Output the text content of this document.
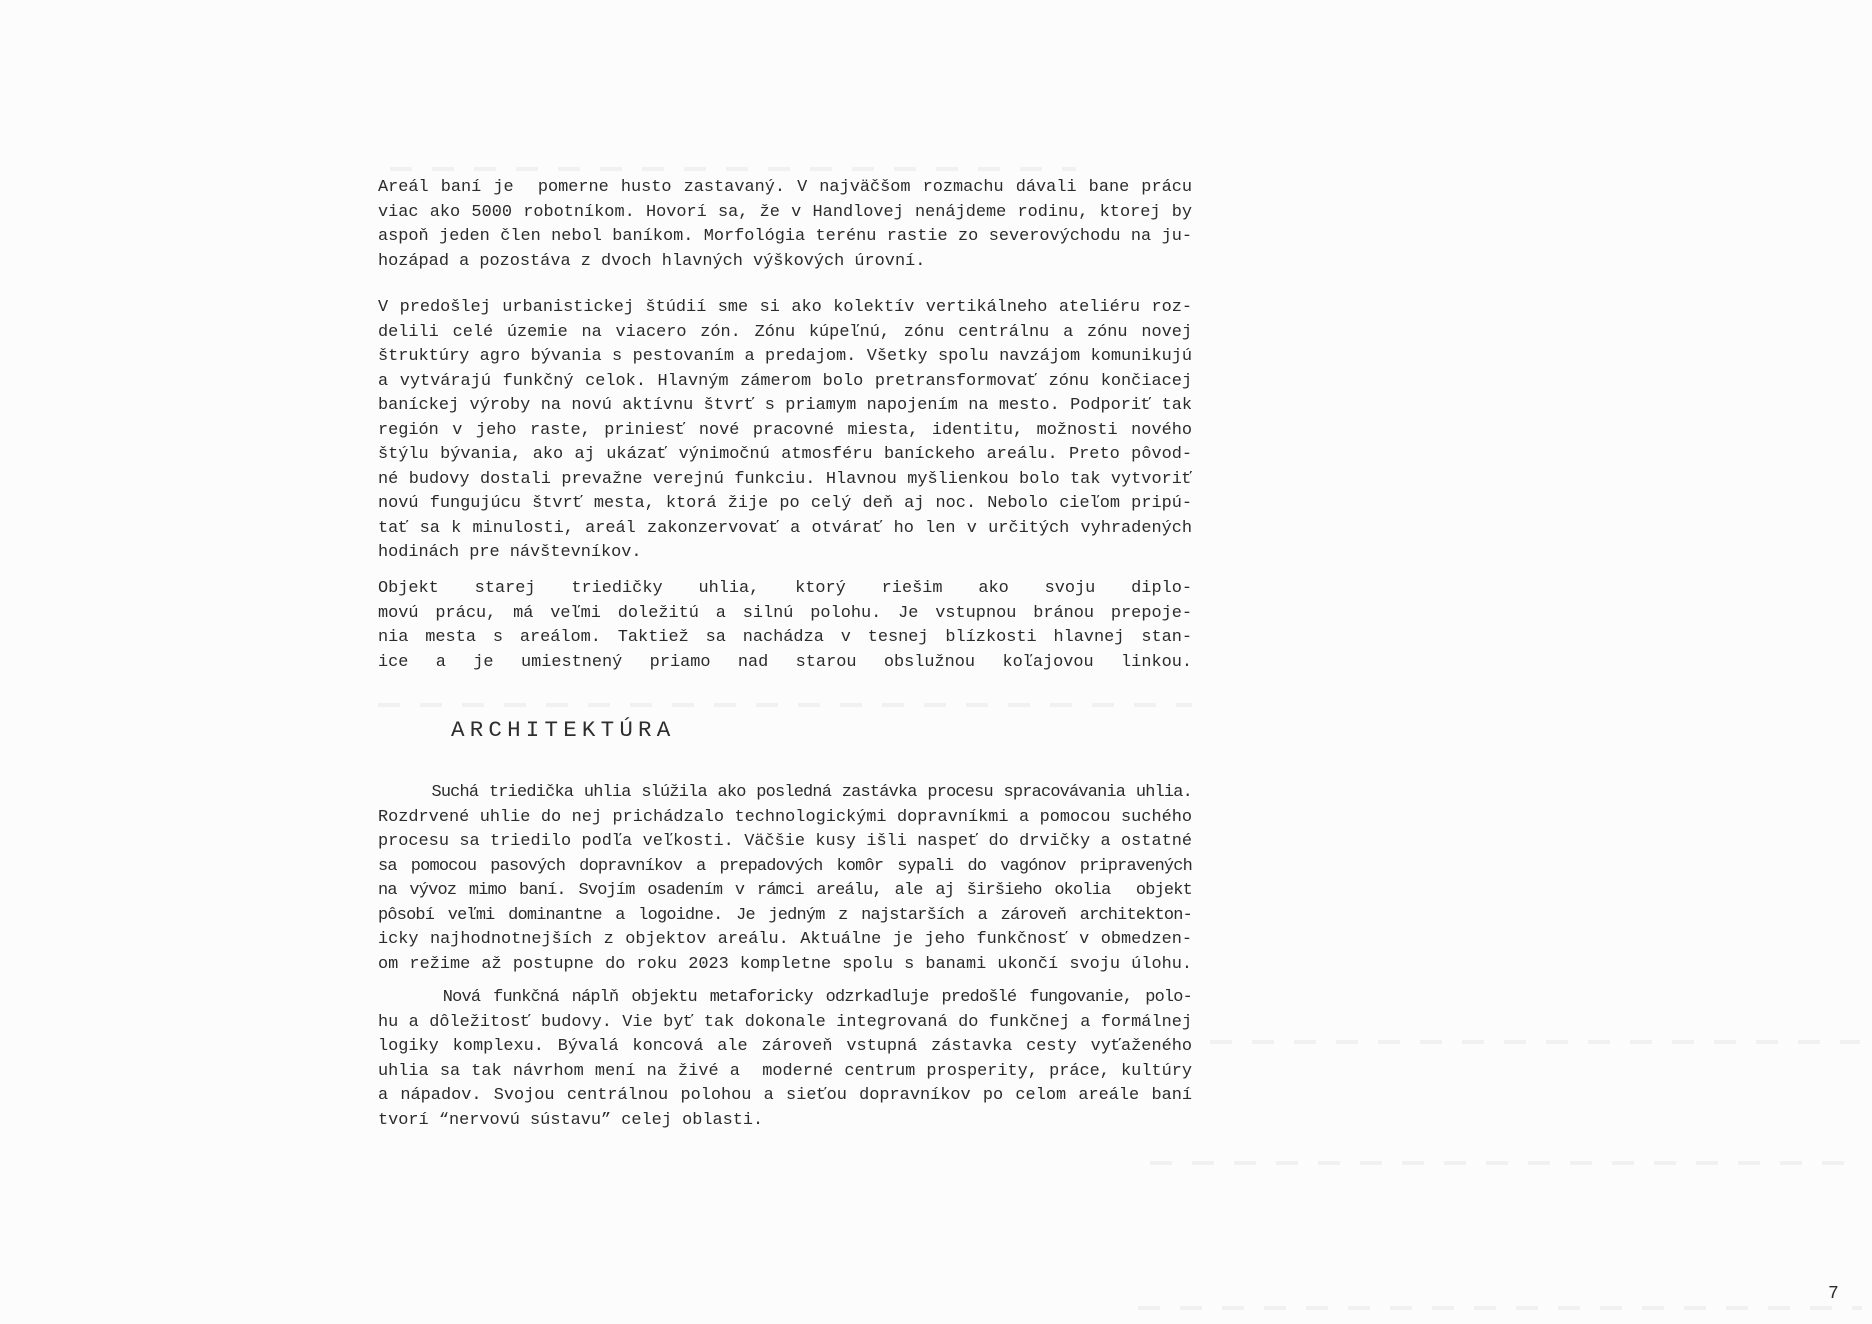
Areál baní je  pomerne husto zastavaný. V najväčšom rozmachu dávali bane prácu
viac ako 5000 robotníkom. Hovorí sa, že v Handlovej nenájdeme rodinu, ktorej by
aspoň jeden člen nebol baníkom. Morfológia terénu rastie zo severovýchodu na ju-
hozápad a pozostáva z dvoch hlavných výškových úrovní.
V predošlej urbanistickej štúdií sme si ako kolektív vertikálneho ateliéru roz-
delili celé územie na viacero zón. Zónu kúpeľnú, zónu centrálnu a zónu novej
štruktúry agro bývania s pestovaním a predajom. Všetky spolu navzájom komunikujú
a vytvárajú funkčný celok. Hlavným zámerom bolo pretransformovať zónu končiacej
baníckej výroby na novú aktívnu štvrť s priamym napojením na mesto. Podporiť tak
región v jeho raste, priniesť nové pracovné miesta, identitu, možnosti nového
štýlu bývania, ako aj ukázať výnimočnú atmosféru baníckeho areálu. Preto pôvod-
né budovy dostali prevažne verejnú funkciu. Hlavnou myšlienkou bolo tak vytvoriť
novú fungujúcu štvrť mesta, ktorá žije po celý deň aj noc. Nebolo cieľom pripú-
tať sa k minulosti, areál zakonzervovať a otvárať ho len v určitých vyhradených
hodinách pre návštevníkov.
Objekt starej triedičky uhlia, ktorý riešim ako svoju diplo-
movú prácu, má veľmi doležitú a silnú polohu. Je vstupnou bránou prepoje-
nia mesta s areálom. Taktiež sa nachádza v tesnej blízkosti hlavnej stan-
ice a je umiestnený priamo nad starou obslužnou koľajovou linkou.
ARCHITEKTÚRA
Suchá triedička uhlia slúžila ako posledná zastávka procesu spracovávania uhlia.
Rozdrvené uhlie do nej prichádzalo technologickými dopravníkmi a pomocou suchého
procesu sa triedilo podľa veľkosti. Väčšie kusy išli naspeť do drvičky a ostatné
sa pomocou pasových dopravníkov a prepadových komôr sypali do vagónov pripravených
na vývoz mimo baní. Svojím osadením v rámci areálu, ale aj širšieho okolia  objekt
pôsobí veľmi dominantne a logoidne. Je jedným z najstarších a zároveň architekton-
icky najhodnotnejších z objektov areálu. Aktuálne je jeho funkčnosť v obmedzen-
om režime až postupne do roku 2023 kompletne spolu s banami ukončí svoju úlohu.
Nová funkčná náplň objektu metaforicky odzrkadluje predošlé fungovanie, polo-
hu a dôležitosť budovy. Vie byť tak dokonale integrovaná do funkčnej a formálnej
logiky komplexu. Bývalá koncová ale zároveň vstupná zástavka cesty vyťaženého
uhlia sa tak návrhom mení na živé a  moderné centrum prosperity, práce, kultúry
a nápadov. Svojou centrálnou polohou a sieťou dopravníkov po celom areále baní
tvorí “nervovú sústavu” celej oblasti.
7
